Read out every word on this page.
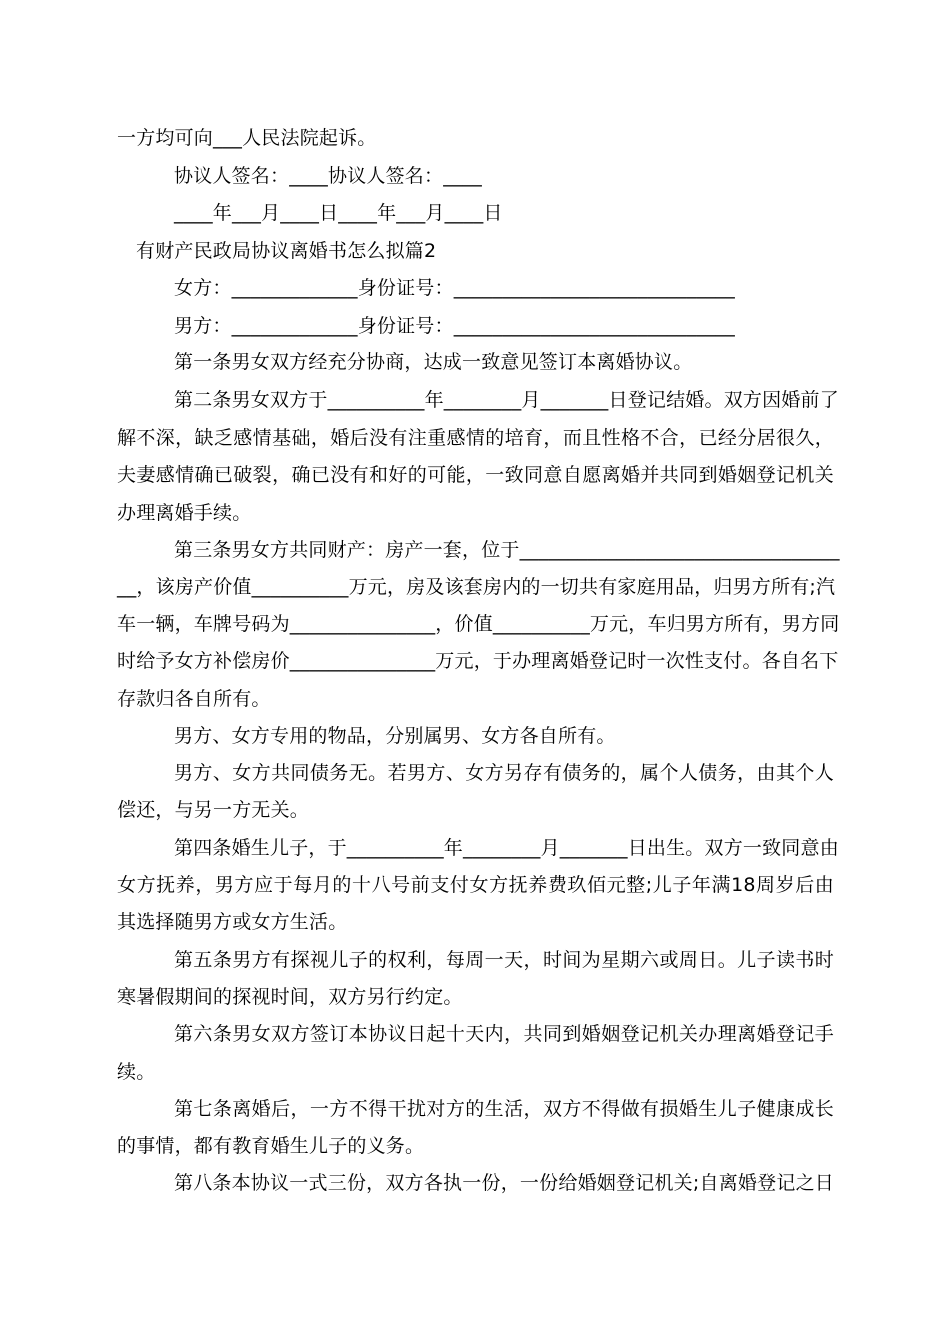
一方均可向___人民法院起诉。
协议人签名：____协议人签名：____
____年___月____日____年___月____日
有财产民政局协议离婚书怎么拟篇2
女方：_____________身份证号：_____________________________
男方：_____________身份证号：_____________________________
第一条男女双方经充分协商，达成一致意见签订本离婚协议。
第二条男女双方于__________年________月_______日登记结婚。双方因婚前了
解不深，缺乏感情基础，婚后没有注重感情的培育，而且性格不合，已经分居很久，
夫妻感情确已破裂，确已没有和好的可能，一致同意自愿离婚并共同到婚姻登记机关
办理离婚手续。
第三条男女方共同财产：房产一套，位于_________________________________
__，该房产价值__________万元，房及该套房内的一切共有家庭用品，归男方所有;汽
车一辆，车牌号码为_______________，价值__________万元，车归男方所有，男方同
时给予女方补偿房价_______________万元，于办理离婚登记时一次性支付。各自名下
存款归各自所有。
男方、女方专用的物品，分别属男、女方各自所有。
男方、女方共同债务无。若男方、女方另存有债务的，属个人债务，由其个人
偿还，与另一方无关。
第四条婚生儿子，于__________年________月_______日出生。双方一致同意由
女方抚养，男方应于每月的十八号前支付女方抚养费玖佰元整;儿子年满18周岁后由
其选择随男方或女方生活。
第五条男方有探视儿子的权利，每周一天，时间为星期六或周日。儿子读书时
寒暑假期间的探视时间，双方另行约定。
第六条男女双方签订本协议日起十天内，共同到婚姻登记机关办理离婚登记手
续。
第七条离婚后，一方不得干扰对方的生活，双方不得做有损婚生儿子健康成长
的事情，都有教育婚生儿子的义务。
第八条本协议一式三份，双方各执一份，一份给婚姻登记机关;自离婚登记之日
